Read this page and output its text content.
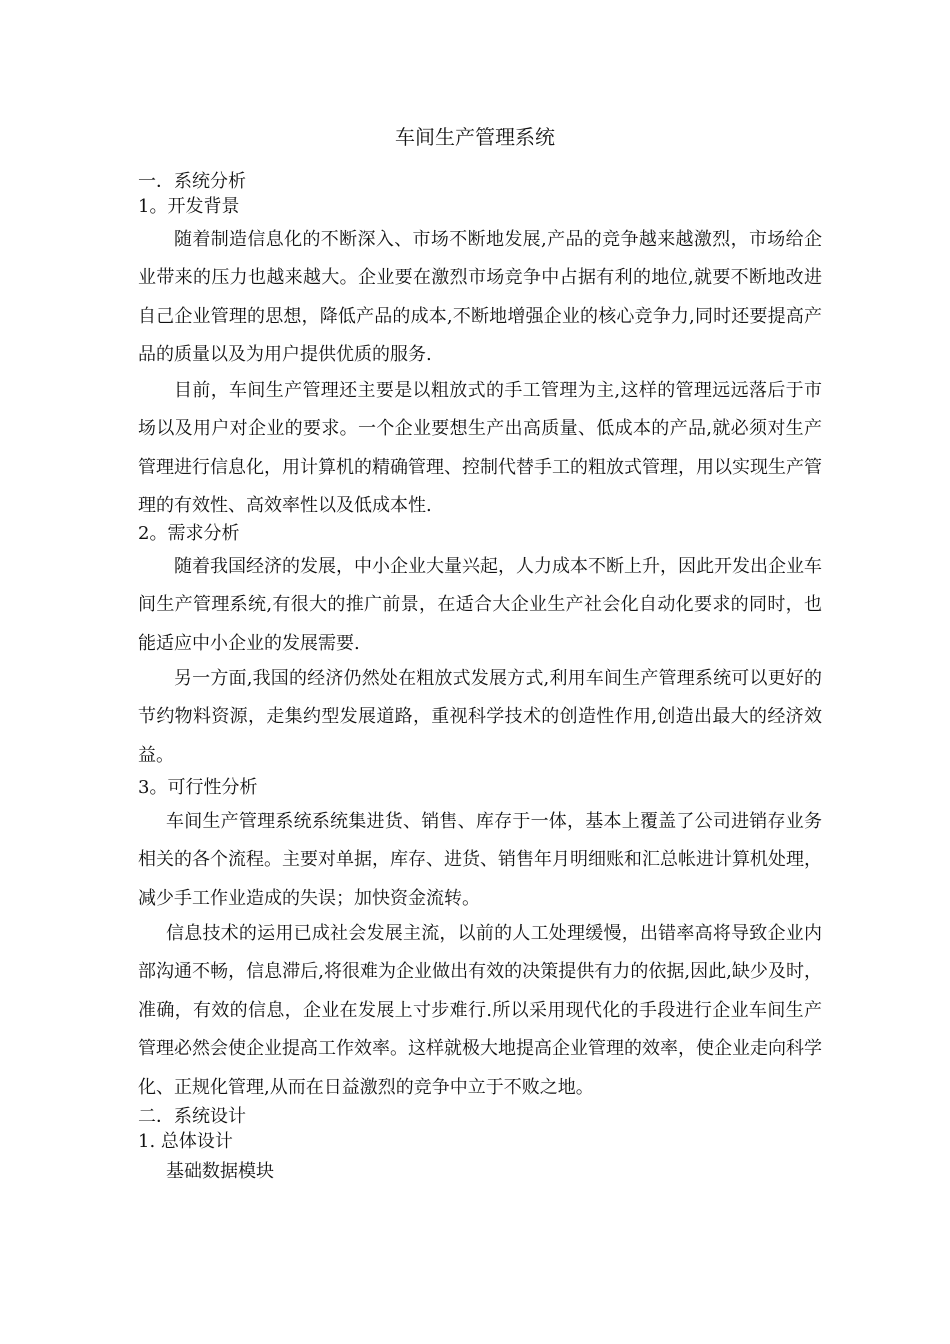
车间生产管理系统
一．系统分析
1。开发背景

随着制造信息化的不断深入、市场不断地发展,产品的竞争越来越激烈，市场给企业带来的压力也越来越大。企业要在激烈市场竞争中占据有利的地位,就要不断地改进自己企业管理的思想，降低产品的成本,不断地增强企业的核心竞争力,同时还要提高产品的质量以及为用户提供优质的服务.

目前，车间生产管理还主要是以粗放式的手工管理为主,这样的管理远远落后于市场以及用户对企业的要求。一个企业要想生产出高质量、低成本的产品,就必须对生产管理进行信息化，用计算机的精确管理、控制代替手工的粗放式管理，用以实现生产管理的有效性、高效率性以及低成本性.

2。需求分析

随着我国经济的发展，中小企业大量兴起，人力成本不断上升，因此开发出企业车间生产管理系统,有很大的推广前景，在适合大企业生产社会化自动化要求的同时，也能适应中小企业的发展需要.

另一方面,我国的经济仍然处在粗放式发展方式,利用车间生产管理系统可以更好的节约物料资源，走集约型发展道路，重视科学技术的创造性作用,创造出最大的经济效益。

3。可行性分析

车间生产管理系统系统集进货、销售、库存于一体，基本上覆盖了公司进销存业务相关的各个流程。主要对单据，库存、进货、销售年月明细账和汇总帐进计算机处理，减少手工作业造成的失误；加快资金流转。

信息技术的运用已成社会发展主流，以前的人工处理缓慢，出错率高将导致企业内部沟通不畅，信息滞后,将很难为企业做出有效的决策提供有力的依据,因此,缺少及时，准确，有效的信息，企业在发展上寸步难行.所以采用现代化的手段进行企业车间生产管理必然会使企业提高工作效率。这样就极大地提高企业管理的效率，使企业走向科学化、正规化管理,从而在日益激烈的竞争中立于不败之地。

二．系统设计
1. 总体设计
基础数据模块
